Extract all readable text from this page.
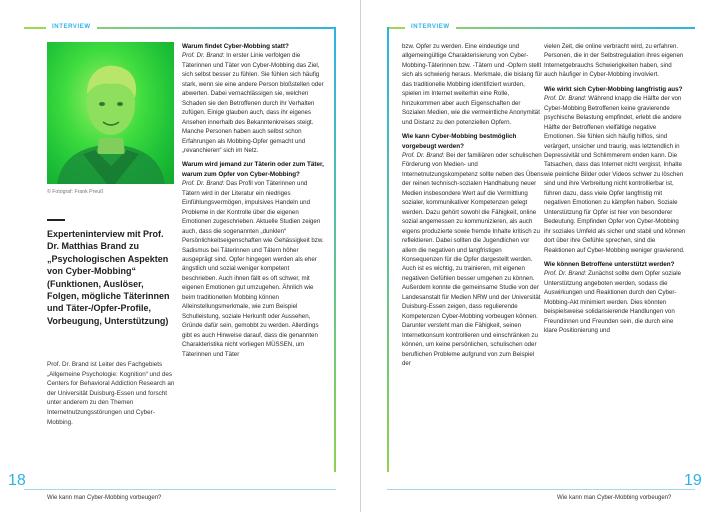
INTERVIEW
© Fotograf: Frank Preuß
Experteninterview mit Prof. Dr. Matthias Brand zu „Psychologischen Aspekten von Cyber-Mobbing“ (Funktionen, Auslöser, Folgen, mögliche Täterinnen und Täter-/Opfer-Profile, Vorbeugung, Unterstützung)
Prof. Dr. Brand ist Leiter des Fachgebiets „Allgemeine Psychologie: Kognition“ und des Centers for Behavioral Addiction Research an der Universität Duisburg-Essen und forscht unter anderem zu den Themen Internetnutzungsstörungen und Cyber-Mobbing.
Warum findet Cyber-Mobbing statt?

Prof. Dr. Brand: In erster Linie verfolgen die Täterinnen und Täter von Cyber-Mobbing das Ziel, sich selbst besser zu fühlen. Sie fühlen sich häufig stark, wenn sie eine andere Person bloßstellen oder abwerten. Dabei vernachlässigen sie, welchen Schaden sie den Betroffenen durch ihr Verhalten zufügen. Einige glauben auch, dass ihr eigenes Ansehen innerhalb des Bekanntenkreises steigt. Manche Personen haben auch selbst schon Erfahrungen als Mobbing-Opfer gemacht und „revanchieren“ sich im Netz.

Warum wird jemand zur Täterin oder zum Täter, warum zum Opfer von Cyber-Mobbing?

Prof. Dr. Brand: Das Profil von Täterinnen und Tätern wird in der Literatur ein niedriges Einfühlungsvermögen, impulsives Handeln und Probleme in der Kontrolle über die eigenen Emotionen zugeschrieben. Aktuelle Studien zeigen auch, dass die sogenannten „dunklen“ Persönlichkeitseigenschaften wie Gehässigkeit bzw. Sadismus bei Täterinnen und Tätern höher ausgeprägt sind. Opfer hingegen werden als eher ängstlich und sozial weniger kompetent beschrieben. Auch ihnen fällt es oft schwer, mit eigenen Emotionen gut umzugehen. Ähnlich wie beim traditionellen Mobbing können Alleinstellungsmerkmale, wie zum Beispiel Schulleistung, soziale Herkunft oder Aussehen, Gründe dafür sein, gemobbt zu werden. Allerdings gibt es auch Hinweise darauf, dass die genannten Charakteristika nicht vorliegen MÜSSEN, um Täterinnen und Täter

18
Wie kann man Cyber-Mobbing vorbeugen?
INTERVIEW

bzw. Opfer zu werden. Eine eindeutige und allgemeingültige Charakterisierung von Cyber-Mobbing-Täterinnen bzw. -Tätern und -Opfern stellt sich als schwierig heraus. Merkmale, die bislang für das traditionelle Mobbing identifiziert wurden, spielen im Internet weiterhin eine Rolle, hinzukommen aber auch Eigenschaften der Sozialen Medien, wie die vermeintliche Anonymität und Distanz zu den potenziellen Opfern.

Wie kann Cyber-Mobbing bestmöglich vorgebeugt werden?

Prof. Dr. Brand: Bei der familiären oder schulischen Förderung von Medien- und Internetnutzungskompetenz sollte neben des Übens der reinen technisch-sozialen Handhabung neuer Medien insbesondere Wert auf die Vermittlung sozialer, kommunikativer Kompetenzen gelegt werden. Dazu gehört sowohl die Fähigkeit, online sozial angemessen zu kommunizieren, als auch eigens produzierte sowie fremde Inhalte kritisch zu reflektieren. Dabei sollten die Jugendlichen vor allem die negativen und langfristigen Konsequenzen für die Opfer dargestellt werden. Auch ist es wichtig, zu trainieren, mit eigenen negativen Gefühlen besser umgehen zu können. Außerdem konnte die gemeinsame Studie von der Landesanstalt für Medien NRW und der Universität Duisburg-Essen zeigen, dass regulierende Kompetenzen Cyber-Mobbing vorbeugen können. Darunter versteht man die Fähigkeit, seinen Internetkonsum kontrollieren und einschränken zu können, um keine persönlichen, schulischen oder beruflichen Probleme aufgrund von zum Beispiel der

vielen Zeit, die online verbracht wird, zu erfahren. Personen, die in der Selbstregulation ihres eigenen Internetgebrauchs Schwierigkeiten haben, sind auch häufiger in Cyber-Mobbing involviert.

Wie wirkt sich Cyber-Mobbing langfristig aus?

Prof. Dr. Brand: Während knapp die Hälfte der von Cyber-Mobbing Betroffenen keine gravierende psychische Belastung empfindet, erlebt die andere Hälfte der Betroffenen vielfältige negative Emotionen. Sie fühlen sich häufig hilflos, sind verärgert, unsicher und traurig, was letztendlich in Depressivität und Schlimmerem enden kann. Die Tatsachen, dass das Internet nicht vergisst, Inhalte wie peinliche Bilder oder Videos schwer zu löschen sind und ihre Verbreitung nicht kontrollierbar ist, führen dazu, dass viele Opfer langfristig mit negativen Emotionen zu kämpfen haben. Soziale Unterstützung für Opfer ist hier von besonderer Bedeutung. Empfinden Opfer von Cyber-Mobbing ihr soziales Umfeld als sicher und stabil und können dort über ihre Gefühle sprechen, sind die Reaktionen auf Cyber-Mobbing weniger gravierend.

Wie können Betroffene unterstützt werden?

Prof. Dr. Brand: Zunächst sollte dem Opfer soziale Unterstützung angeboten werden, sodass die Auswirkungen und Reaktionen durch den Cyber-Mobbing-Akt minimiert werden. Dies könnten beispielsweise solidarisierende Handlungen von Freundinnen und Freunden sein, die durch eine klare Positionierung und

19
Wie kann man Cyber-Mobbing vorbeugen?
